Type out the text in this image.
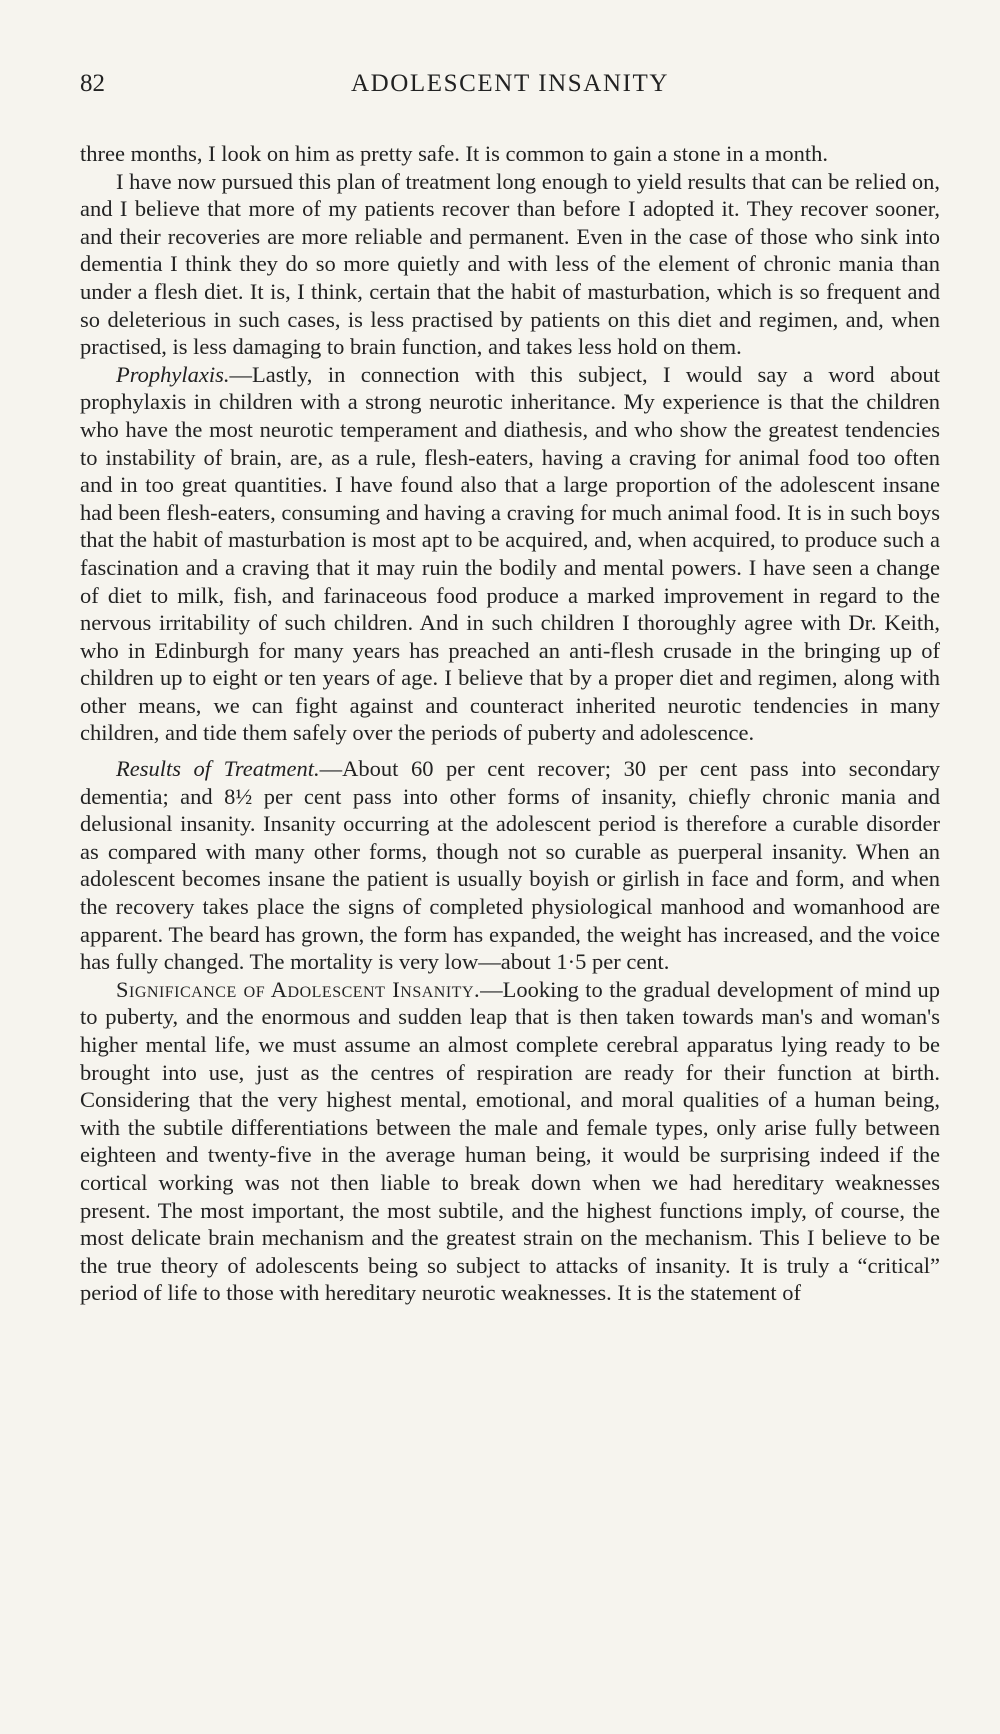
82	ADOLESCENT INSANITY

three months, I look on him as pretty safe. It is common to gain a stone in a month.

I have now pursued this plan of treatment long enough to yield results that can be relied on, and I believe that more of my patients recover than before I adopted it. They recover sooner, and their recoveries are more reliable and permanent. Even in the case of those who sink into dementia I think they do so more quietly and with less of the element of chronic mania than under a flesh diet. It is, I think, certain that the habit of masturbation, which is so frequent and so deleterious in such cases, is less practised by patients on this diet and regimen, and, when practised, is less damaging to brain function, and takes less hold on them.

Prophylaxis.—Lastly, in connection with this subject, I would say a word about prophylaxis in children with a strong neurotic inheritance. My experience is that the children who have the most neurotic temperament and diathesis, and who show the greatest tendencies to instability of brain, are, as a rule, flesh-eaters, having a craving for animal food too often and in too great quantities. I have found also that a large proportion of the adolescent insane had been flesh-eaters, consuming and having a craving for much animal food. It is in such boys that the habit of masturbation is most apt to be acquired, and, when acquired, to produce such a fascination and a craving that it may ruin the bodily and mental powers. I have seen a change of diet to milk, fish, and farinaceous food produce a marked improvement in regard to the nervous irritability of such children. And in such children I thoroughly agree with Dr. Keith, who in Edinburgh for many years has preached an anti-flesh crusade in the bringing up of children up to eight or ten years of age. I believe that by a proper diet and regimen, along with other means, we can fight against and counteract inherited neurotic tendencies in many children, and tide them safely over the periods of puberty and adolescence.

Results of Treatment.—About 60 per cent recover; 30 per cent pass into secondary dementia; and 8½ per cent pass into other forms of insanity, chiefly chronic mania and delusional insanity. Insanity occurring at the adolescent period is therefore a curable disorder as compared with many other forms, though not so curable as puerperal insanity. When an adolescent becomes insane the patient is usually boyish or girlish in face and form, and when the recovery takes place the signs of completed physiological manhood and womanhood are apparent. The beard has grown, the form has expanded, the weight has increased, and the voice has fully changed. The mortality is very low—about 1·5 per cent.

Significance of Adolescent Insanity.—Looking to the gradual development of mind up to puberty, and the enormous and sudden leap that is then taken towards man's and woman's higher mental life, we must assume an almost complete cerebral apparatus lying ready to be brought into use, just as the centres of respiration are ready for their function at birth. Considering that the very highest mental, emotional, and moral qualities of a human being, with the subtile differentiations between the male and female types, only arise fully between eighteen and twenty-five in the average human being, it would be surprising indeed if the cortical working was not then liable to break down when we had hereditary weaknesses present. The most important, the most subtile, and the highest functions imply, of course, the most delicate brain mechanism and the greatest strain on the mechanism. This I believe to be the true theory of adolescents being so subject to attacks of insanity. It is truly a “critical” period of life to those with hereditary neurotic weaknesses. It is the statement of
